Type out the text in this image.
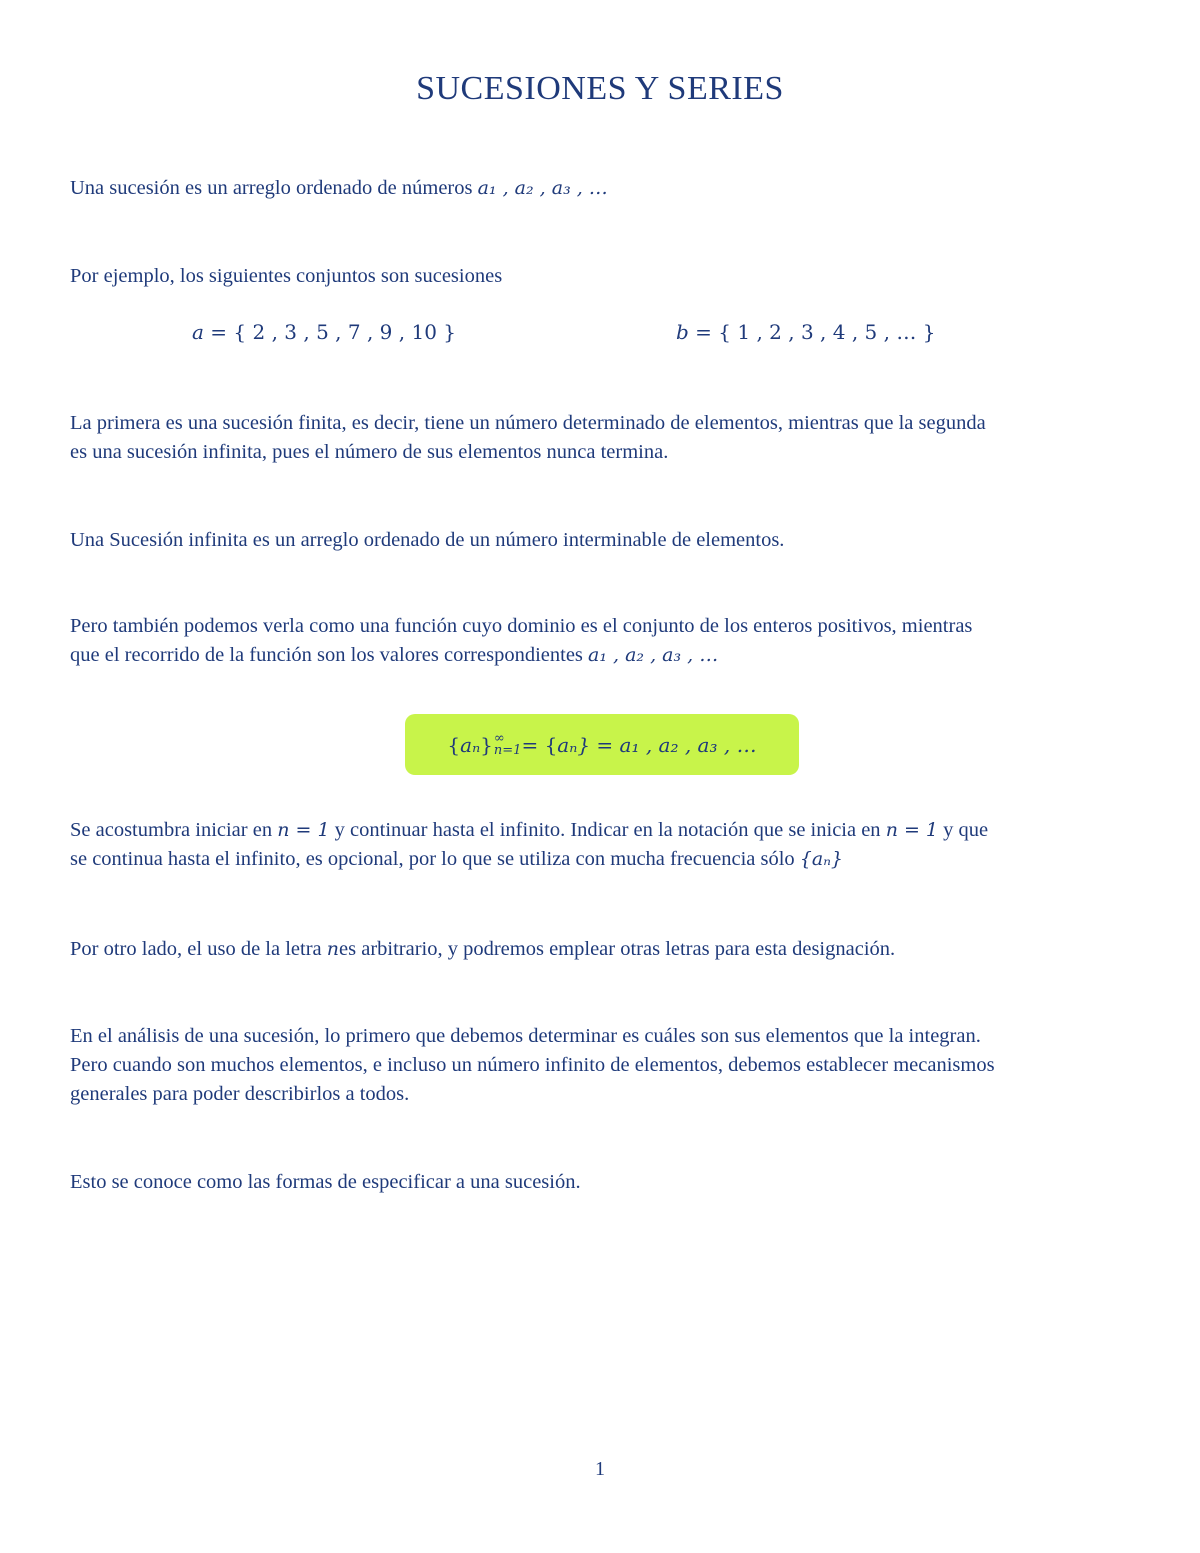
SUCESIONES Y SERIES
Una sucesión es un arreglo ordenado de números a₁ , a₂ , a₃ , …
Por ejemplo, los siguientes conjuntos son sucesiones
a = { 2 , 3 , 5 , 7 , 9 , 10 }	b = { 1 , 2 , 3 , 4 , 5 , … }
La primera es una sucesión finita, es decir, tiene un número determinado de elementos, mientras que la segunda
es una sucesión infinita, pues el número de sus elementos nunca termina.
Una Sucesión infinita es un arreglo ordenado de un número interminable de elementos.
Pero también podemos verla como una función cuyo dominio es el conjunto de los enteros positivos, mientras
que el recorrido de la función son los valores correspondientes a₁ , a₂ , a₃ , …
{ aₙ } ∞
n=1 = { aₙ } = a₁ , a₂ , a₃ , …
Se acostumbra iniciar en n = 1 y continuar hasta el infinito. Indicar en la notación que se inicia en n = 1 y que
se continua hasta el infinito, es opcional, por lo que se utiliza con mucha frecuencia sólo {aₙ}
Por otro lado, el uso de la letra nes arbitrario, y podremos emplear otras letras para esta designación.
En el análisis de una sucesión, lo primero que debemos determinar es cuáles son sus elementos que la integran.
Pero cuando son muchos elementos, e incluso un número infinito de elementos, debemos establecer mecanismos
generales para poder describirlos a todos.
Esto se conoce como las formas de especificar a una sucesión.
1
